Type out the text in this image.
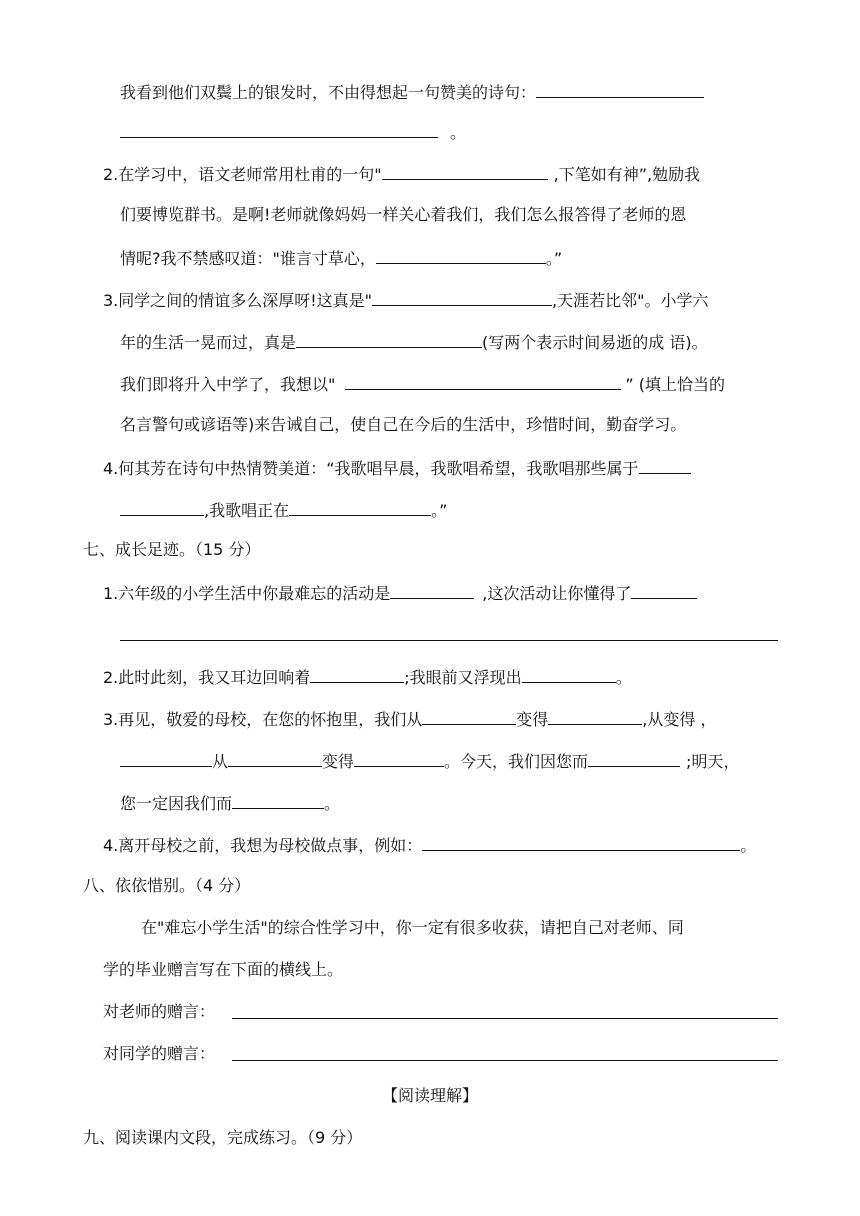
我看到他们双鬓上的银发时，不由得想起一句赞美的诗句：
。
2.在学习中，语文老师常用杜甫的一句"	,下笔如有神”,勉励我
们要博览群书。是啊!老师就像妈妈一样关心着我们，我们怎么报答得了老师的恩
情呢?我不禁感叹道："谁言寸草心，	。”
3.同学之间的情谊多么深厚呀!这真是"	,天涯若比邻"。小学六
年的生活一晃而过，真是	(写两个表示时间易逝的成 语)。
我们即将升入中学了，我想以"	” (填上恰当的
名言警句或谚语等)来告诫自己，使自己在今后的生活中，珍惜时间，勤奋学习。
4.何其芳在诗句中热情赞美道：“我歌唱早晨，我歌唱希望，我歌唱那些属于
,我歌唱正在	。”
七、成长足迹。（15 分）
1.六年级的小学生活中你最难忘的活动是	,这次活动让你懂得了
2.此时此刻，我又耳边回响着	;我眼前又浮现出	。
3.再见，敬爱的母校，在您的怀抱里，我们从	变得	,从变得 ，
从	变得	。今天，我们因您而	;明天，
您一定因我们而	。
4.离开母校之前，我想为母校做点事，例如：	。
八、依依惜别。（4 分）
在"难忘小学生活"的综合性学习中，你一定有很多收获，请把自己对老师、同
学的毕业赠言写在下面的横线上。
对老师的赠言：
对同学的赠言：
【阅读理解】
九、阅读课内文段，完成练习。（9 分）
